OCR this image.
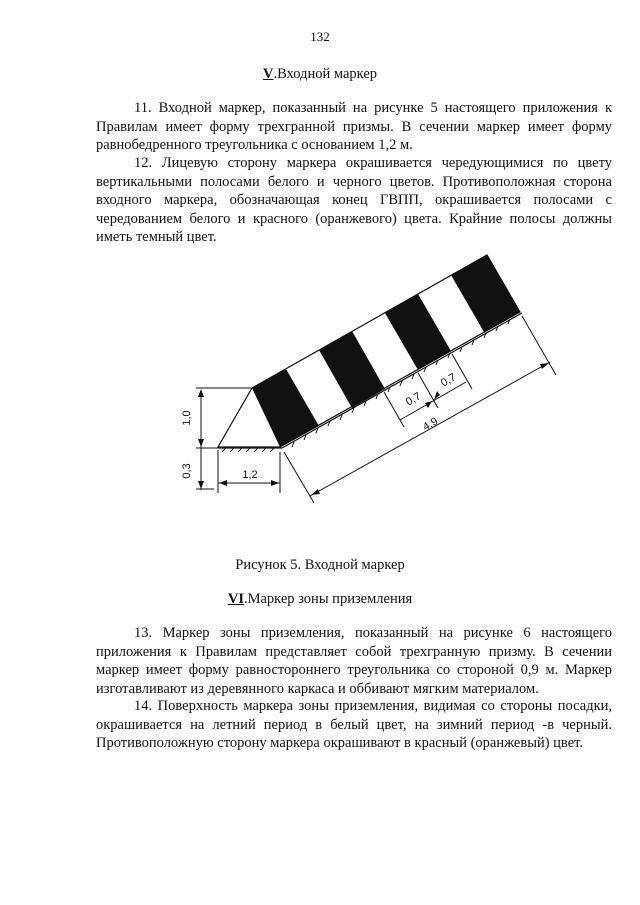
132
V.Входной маркер

11. Входной маркер, показанный на рисунке 5 настоящего приложения к Правилам имеет форму трехгранной призмы. В сечении маркер имеет форму равнобедренного треугольника с основанием 1,2 м.

12. Лицевую сторону маркера окрашивается чередующимися по цвету вертикальными полосами белого и черного цветов. Противоположная сторона входного маркера, обозначающая конец ГВПП, окрашивается полосами с чередованием белого и красного (оранжевого) цвета. Крайние полосы должны иметь темный цвет.

1,0
0,3	1,2
0,7
0,7
4,9
Рисунок 5. Входной маркер
VI.Маркер зоны приземления

13. Маркер зоны приземления, показанный на рисунке 6 настоящего приложения к Правилам представляет собой трехгранную призму. В сечении маркер имеет форму равностороннего треугольника со стороной 0,9 м. Маркер изготавливают из деревянного каркаса и оббивают мягким материалом.

14. Поверхность маркера зоны приземления, видимая со стороны посадки, окрашивается на летний период в белый цвет, на зимний период -в черный. Противоположную сторону маркера окрашивают в красный (оранжевый) цвет.
